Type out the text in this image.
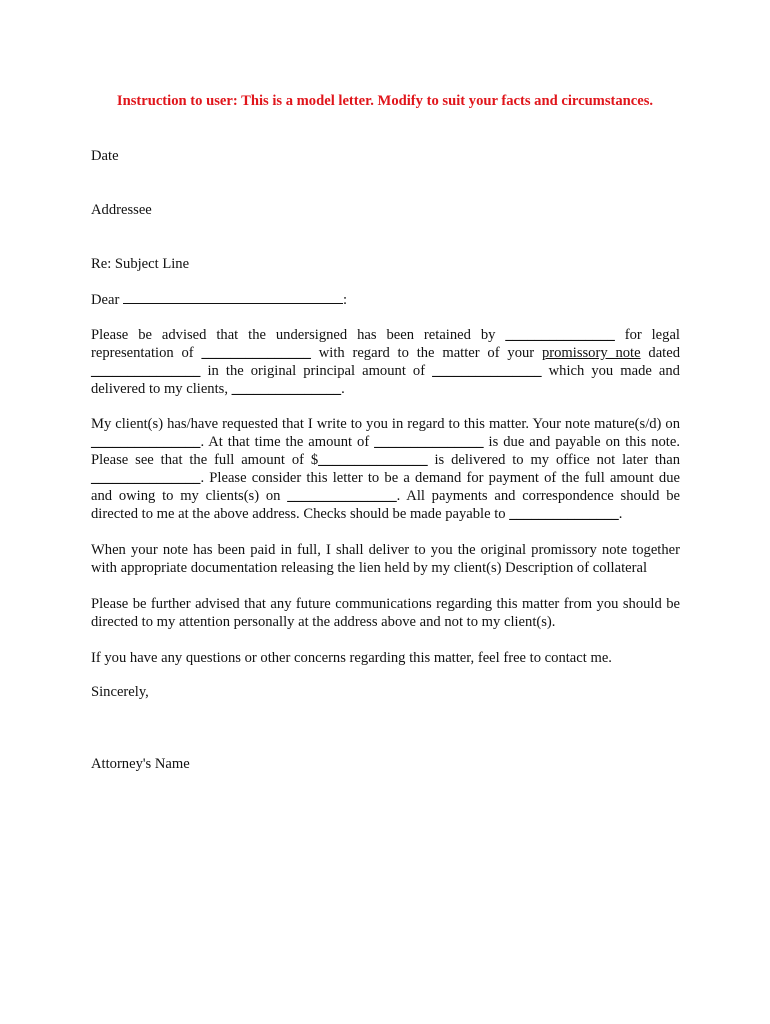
Instruction to user: This is a model letter. Modify to suit your facts and circumstances.
Date
Addressee
Re: Subject Line
Dear	:
Please be advised that the undersigned has been retained by _______________ for legal representation of _______________ with regard to the matter of your promissory note dated _______________ in the original principal amount of _______________ which you made and delivered to my clients, _______________.
My client(s) has/have requested that I write to you in regard to this matter. Your note mature(s/d) on _______________. At that time the amount of _______________ is due and payable on this note. Please see that the full amount of $_______________ is delivered to my office not later than _______________. Please consider this letter to be a demand for payment of the full amount due and owing to my clients(s) on _______________. All payments and correspondence should be directed to me at the above address. Checks should be made payable to _______________.
When your note has been paid in full, I shall deliver to you the original promissory note together with appropriate documentation releasing the lien held by my client(s) Description of collateral
Please be further advised that any future communications regarding this matter from you should be directed to my attention personally at the address above and not to my client(s).
If you have any questions or other concerns regarding this matter, feel free to contact me.
Sincerely,
Attorney's Name
